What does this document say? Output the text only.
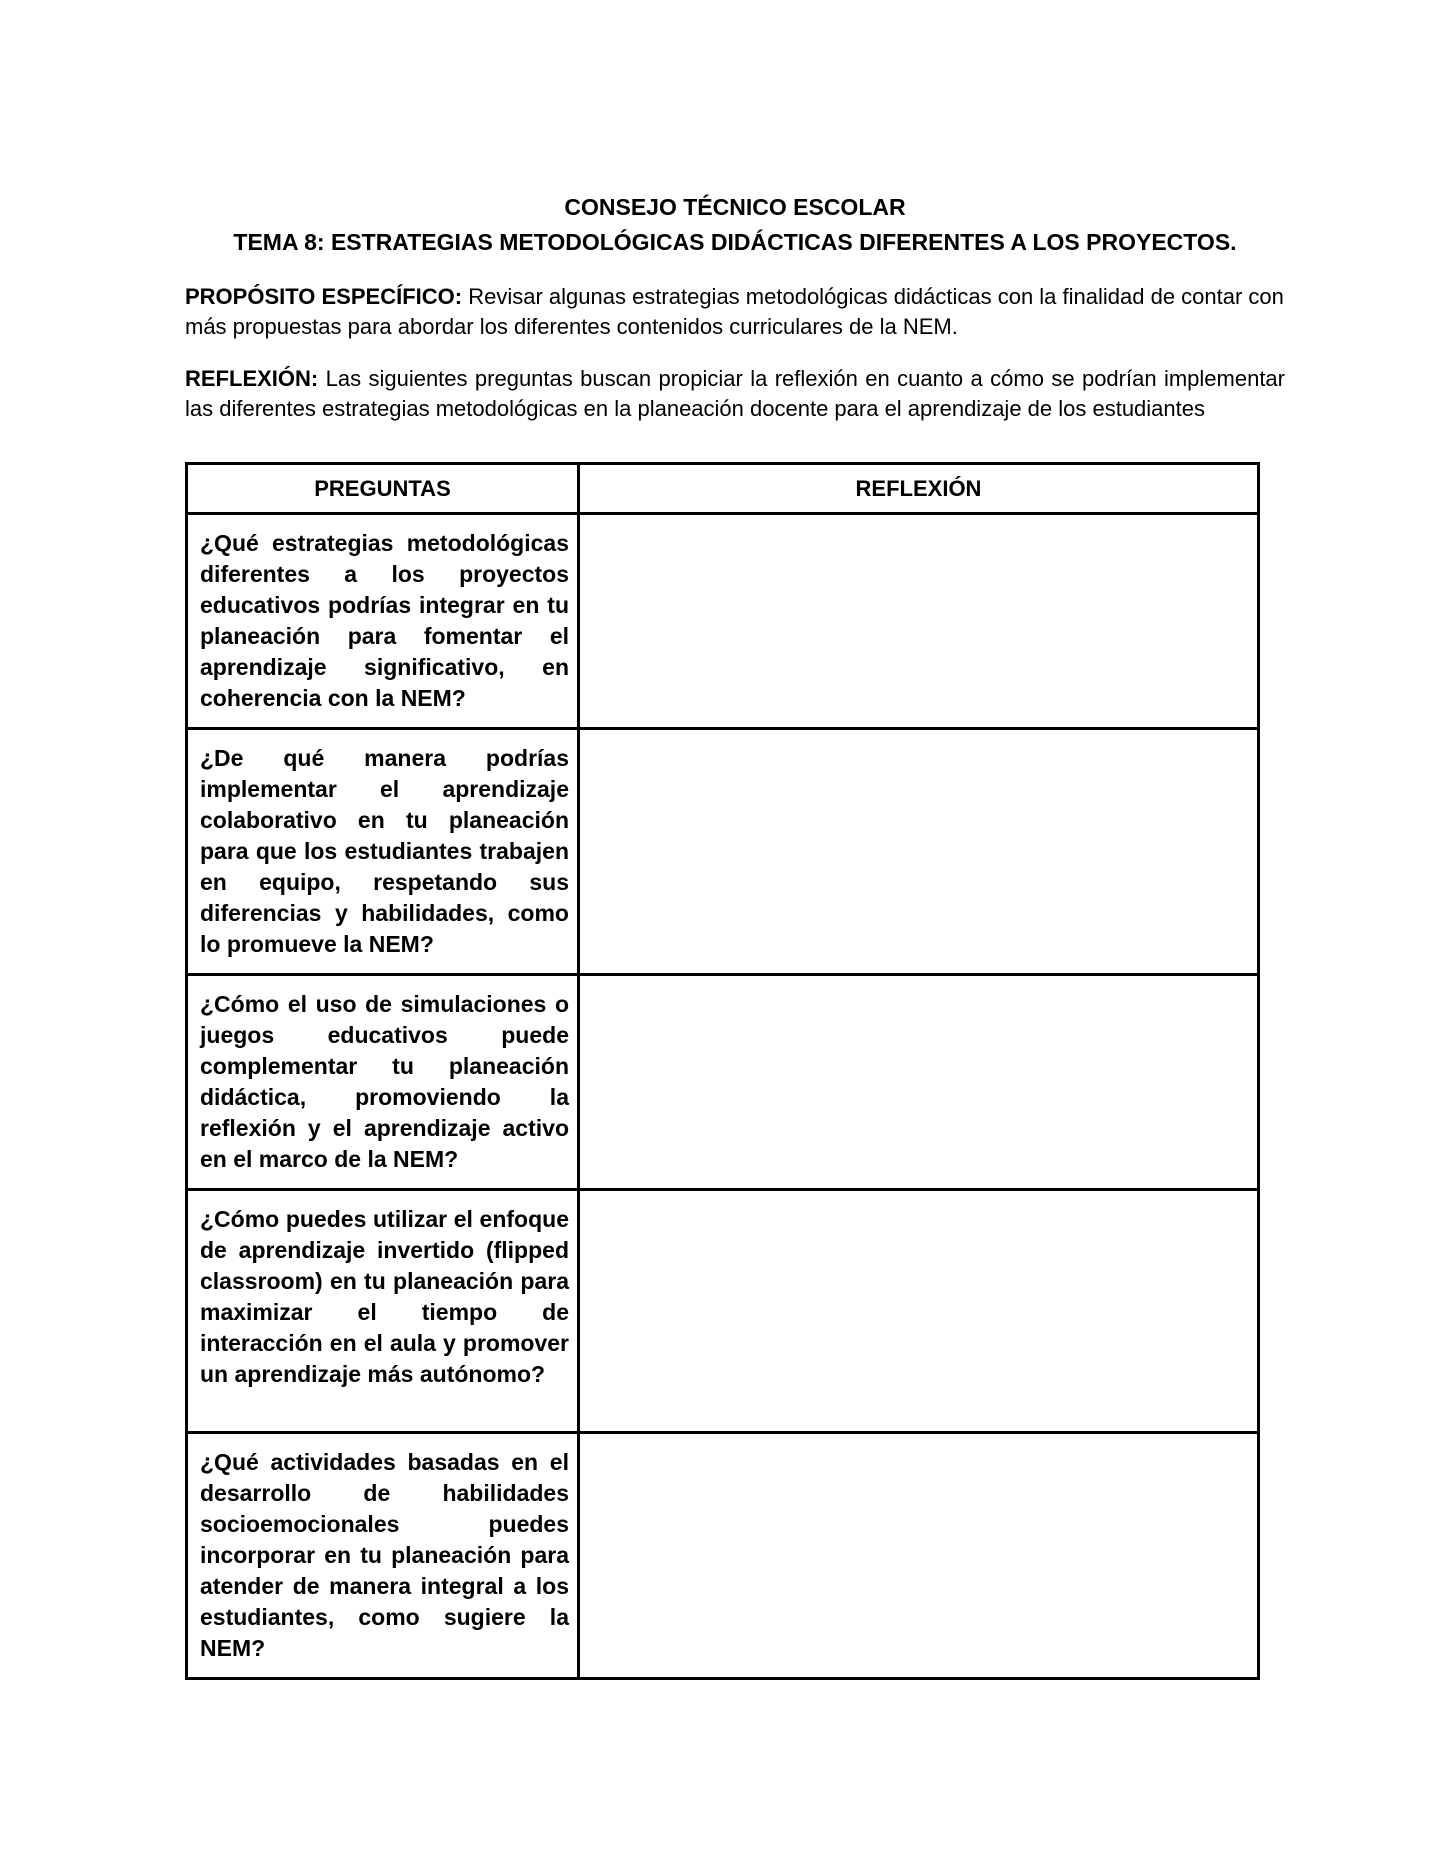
CONSEJO TÉCNICO ESCOLAR
TEMA 8: ESTRATEGIAS METODOLÓGICAS DIDÁCTICAS DIFERENTES A LOS PROYECTOS.

PROPÓSITO ESPECÍFICO: Revisar algunas estrategias metodológicas didácticas con la finalidad de contar con más propuestas para abordar los diferentes contenidos curriculares de la NEM.

REFLEXIÓN: Las siguientes preguntas buscan propiciar la reflexión en cuanto a cómo se podrían implementar las diferentes estrategias metodológicas en la planeación docente para el aprendizaje de los estudiantes

PREGUNTAS	REFLEXIÓN
¿Qué estrategias metodológicas diferentes a los proyectos educativos podrías integrar en tu planeación para fomentar el aprendizaje significativo, en coherencia con la NEM?	
¿De qué manera podrías implementar el aprendizaje colaborativo en tu planeación para que los estudiantes trabajen en equipo, respetando sus diferencias y habilidades, como lo promueve la NEM?	
¿Cómo el uso de simulaciones o juegos educativos puede complementar tu planeación didáctica, promoviendo la reflexión y el aprendizaje activo en el marco de la NEM?	
¿Cómo puedes utilizar el enfoque de aprendizaje invertido (flipped classroom) en tu planeación para maximizar el tiempo de interacción en el aula y promover un aprendizaje más autónomo?	
¿Qué actividades basadas en el desarrollo de habilidades socioemocionales puedes incorporar en tu planeación para atender de manera integral a los estudiantes, como sugiere la NEM?	
